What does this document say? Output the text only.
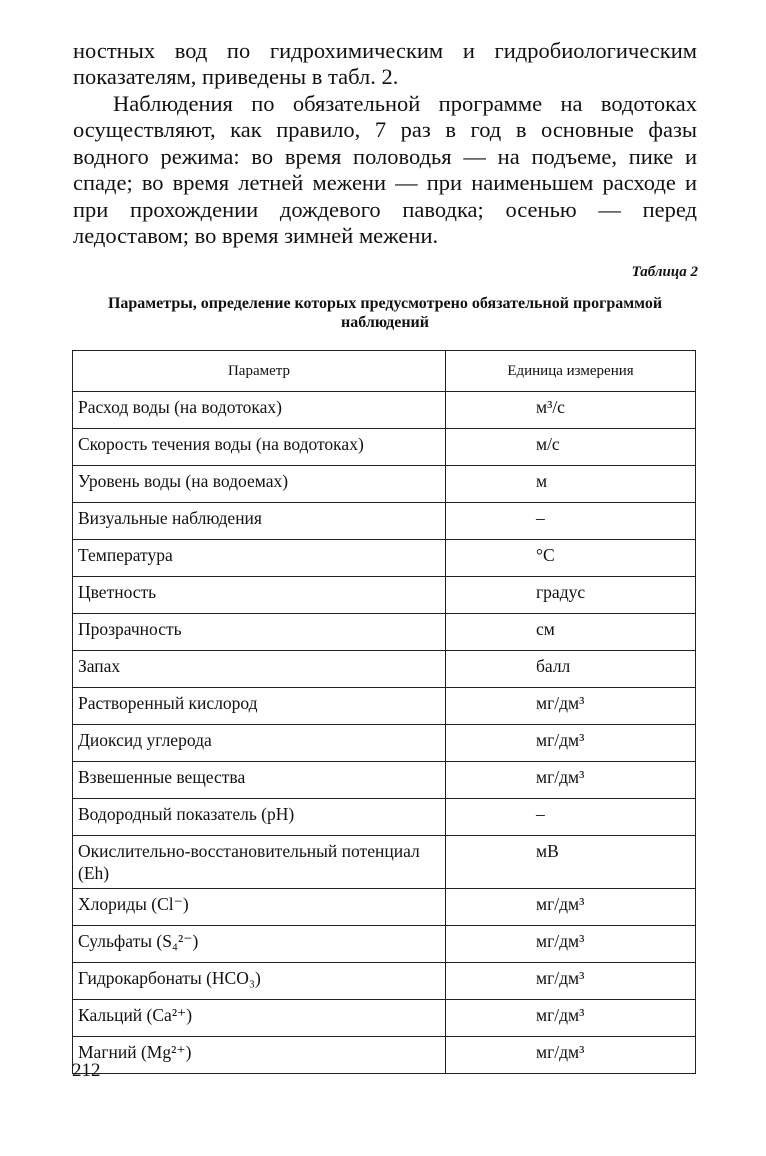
ностных вод по гидрохимическим и гидробиологическим показателям, приведены в табл. 2.

Наблюдения по обязательной программе на водотоках осуществляют, как правило, 7 раз в год в основные фазы водного режима: во время половодья — на подъеме, пике и спаде; во время летней межени — при наименьшем расходе и при прохождении дождевого паводка; осенью — перед ледоставом; во время зимней межени.

Таблица 2
Параметры, определение которых предусмотрено обязательной программой наблюдений
Параметр	Единица измерения
Расход воды (на водотоках)	м³/с
Скорость течения воды (на водотоках)	м/с
Уровень воды (на водоемах)	м
Визуальные наблюдения	–
Температура	°С
Цветность	градус
Прозрачность	см
Запах	балл
Растворенный кислород	мг/дм³
Диоксид углерода	мг/дм³
Взвешенные вещества	мг/дм³
Водородный показатель (рН)	–
Окислительно-восстановительный потенциал (Eh)	мВ
Хлориды (Cl⁻)	мг/дм³
Сульфаты (S₄²⁻)	мг/дм³
Гидрокарбонаты (HCO₃)	мг/дм³
Кальций (Ca²⁺)	мг/дм³
Магний (Mg²⁺)	мг/дм³
212
